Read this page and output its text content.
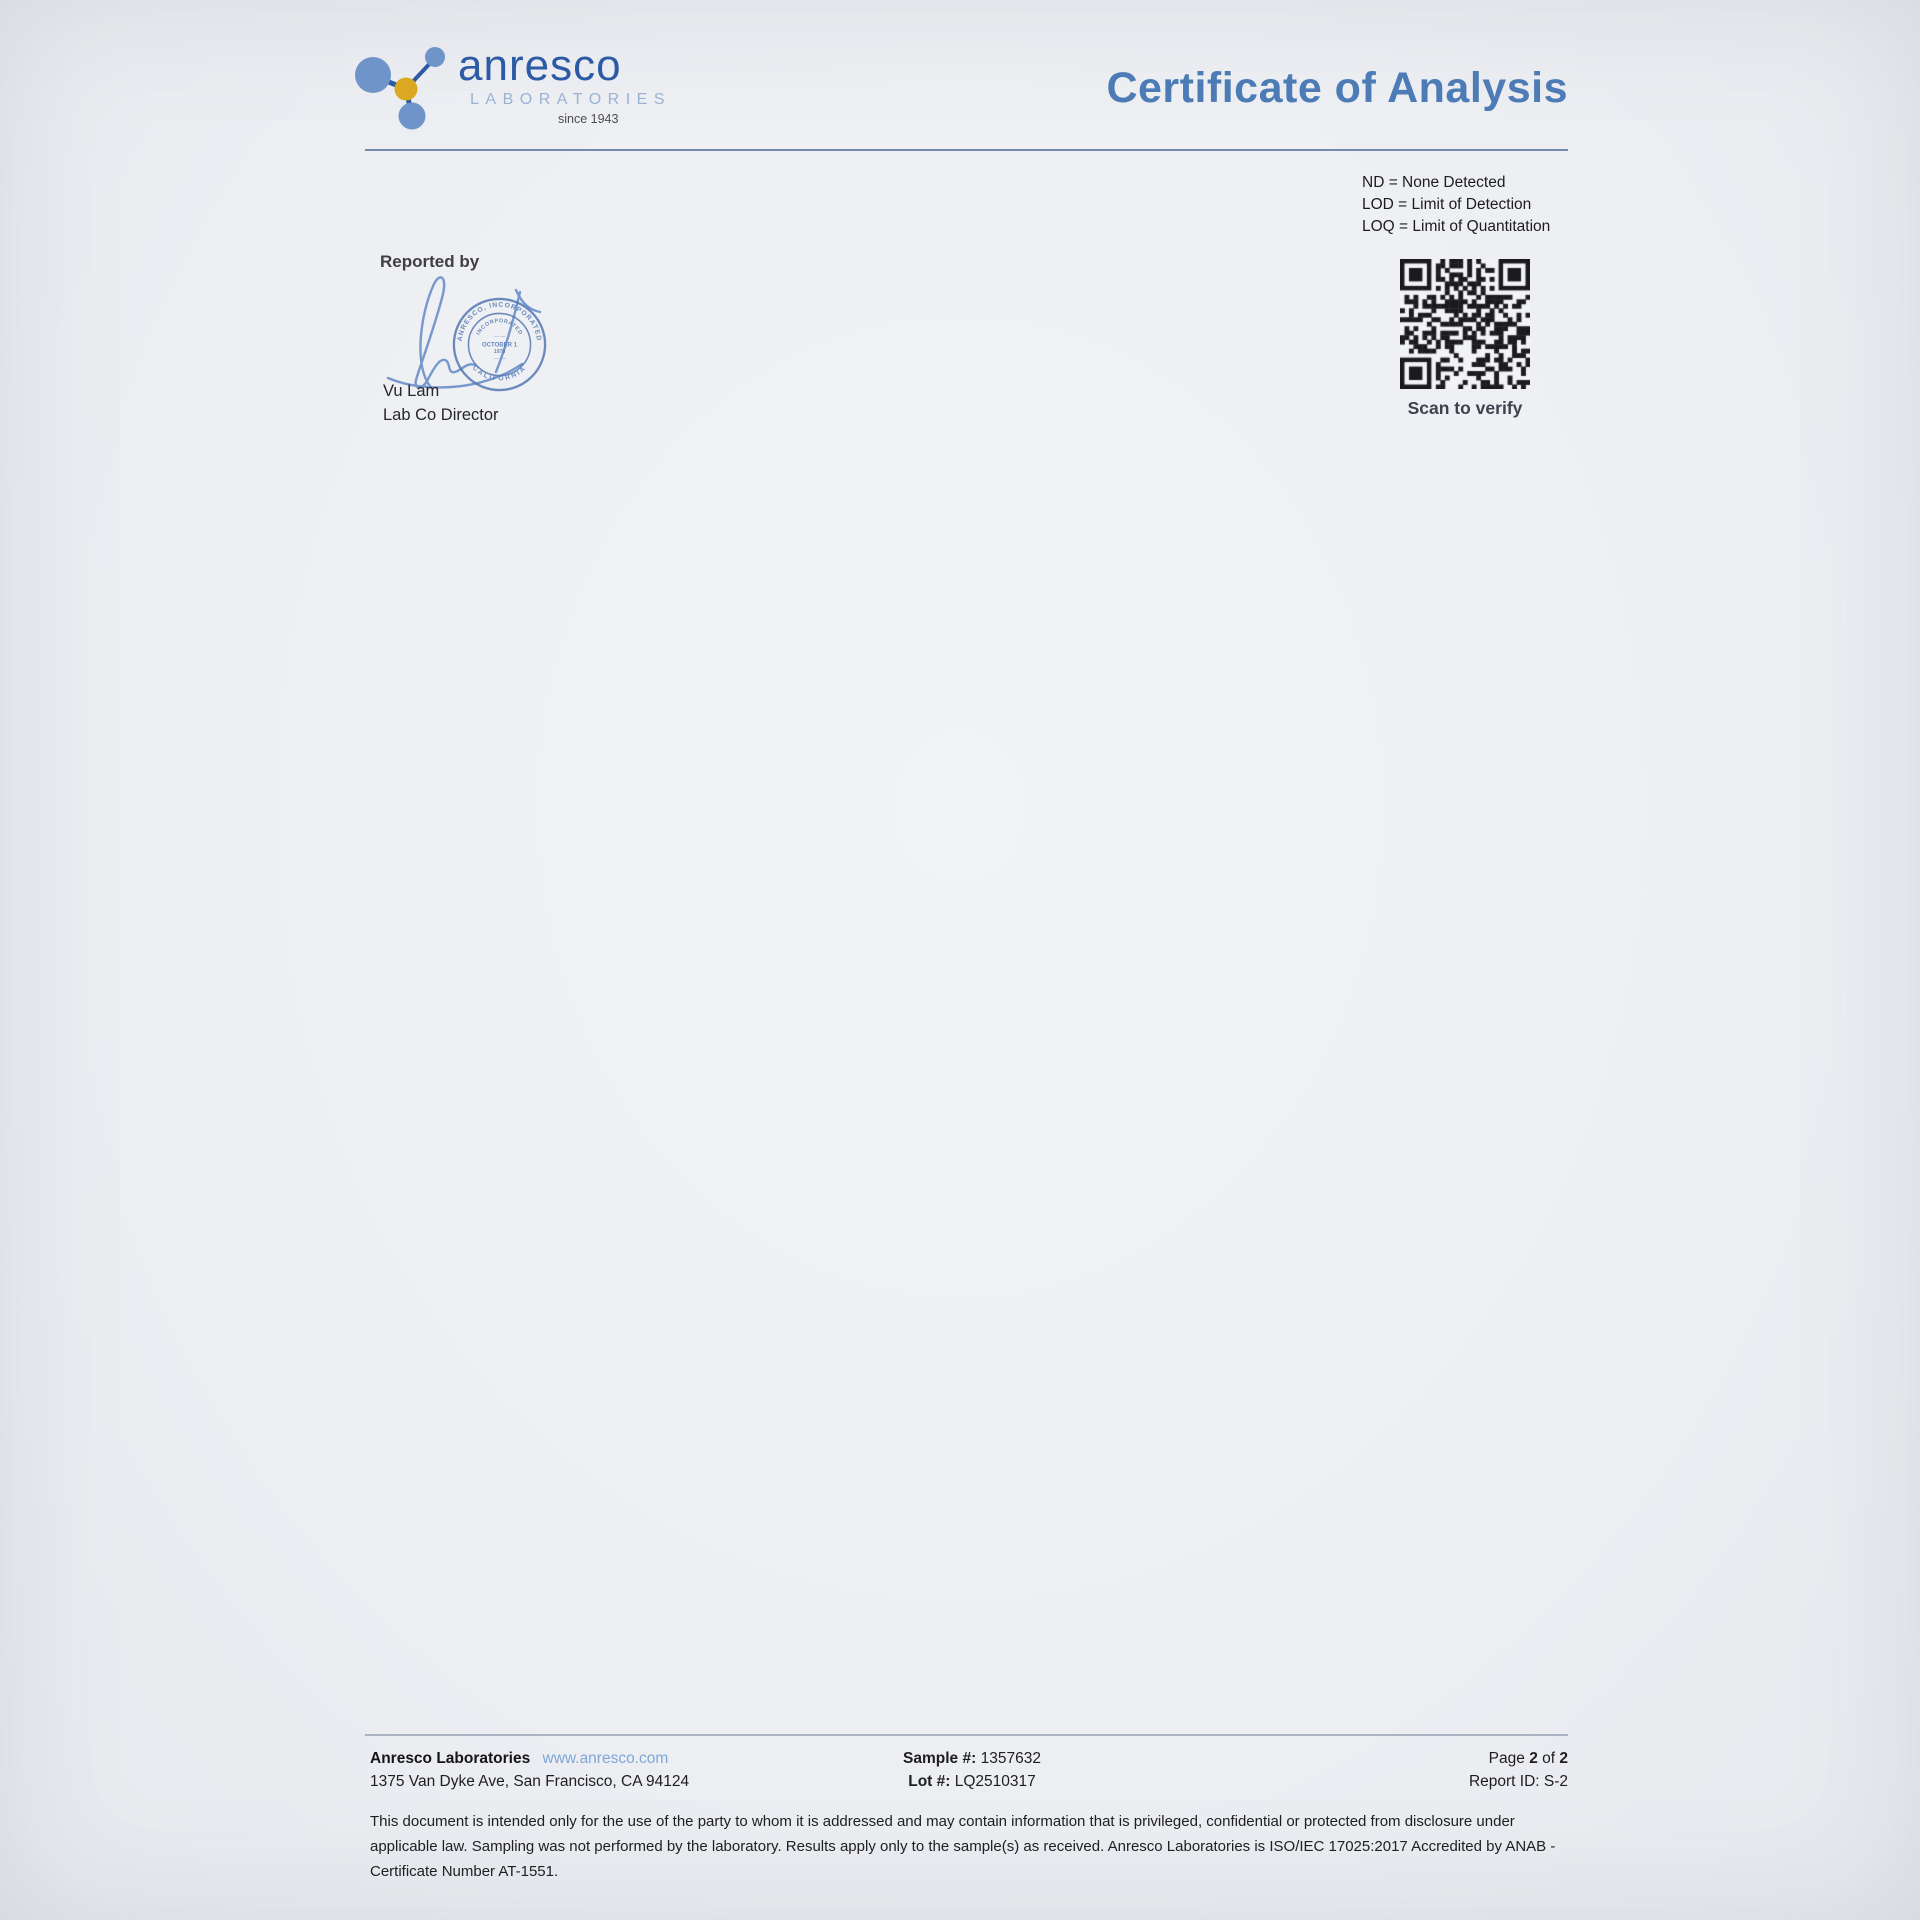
anresco
LABORATORIES
since 1943
Certificate of Analysis
ND = None Detected
LOD = Limit of Detection
LOQ = Limit of Quantitation
Reported by
ANRESCO, INCORPORATED
CALIFORNIA
INCORPORATED
—··—
OCTOBER 1
1978
—··—
Vu Lam
Lab Co Director	Scan to verify
Anresco Laboratories www.anresco.com
1375 Van Dyke Ave, San Francisco, CA 94124
Sample #: 1357632
Lot #: LQ2510317
Page 2 of 2
Report ID: S-2
This document is intended only for the use of the party to whom it is addressed and may contain information that is privileged, confidential or protected from disclosure under
applicable law. Sampling was not performed by the laboratory. Results apply only to the sample(s) as received. Anresco Laboratories is ISO/IEC 17025:2017 Accredited by ANAB -
Certificate Number AT-1551.
